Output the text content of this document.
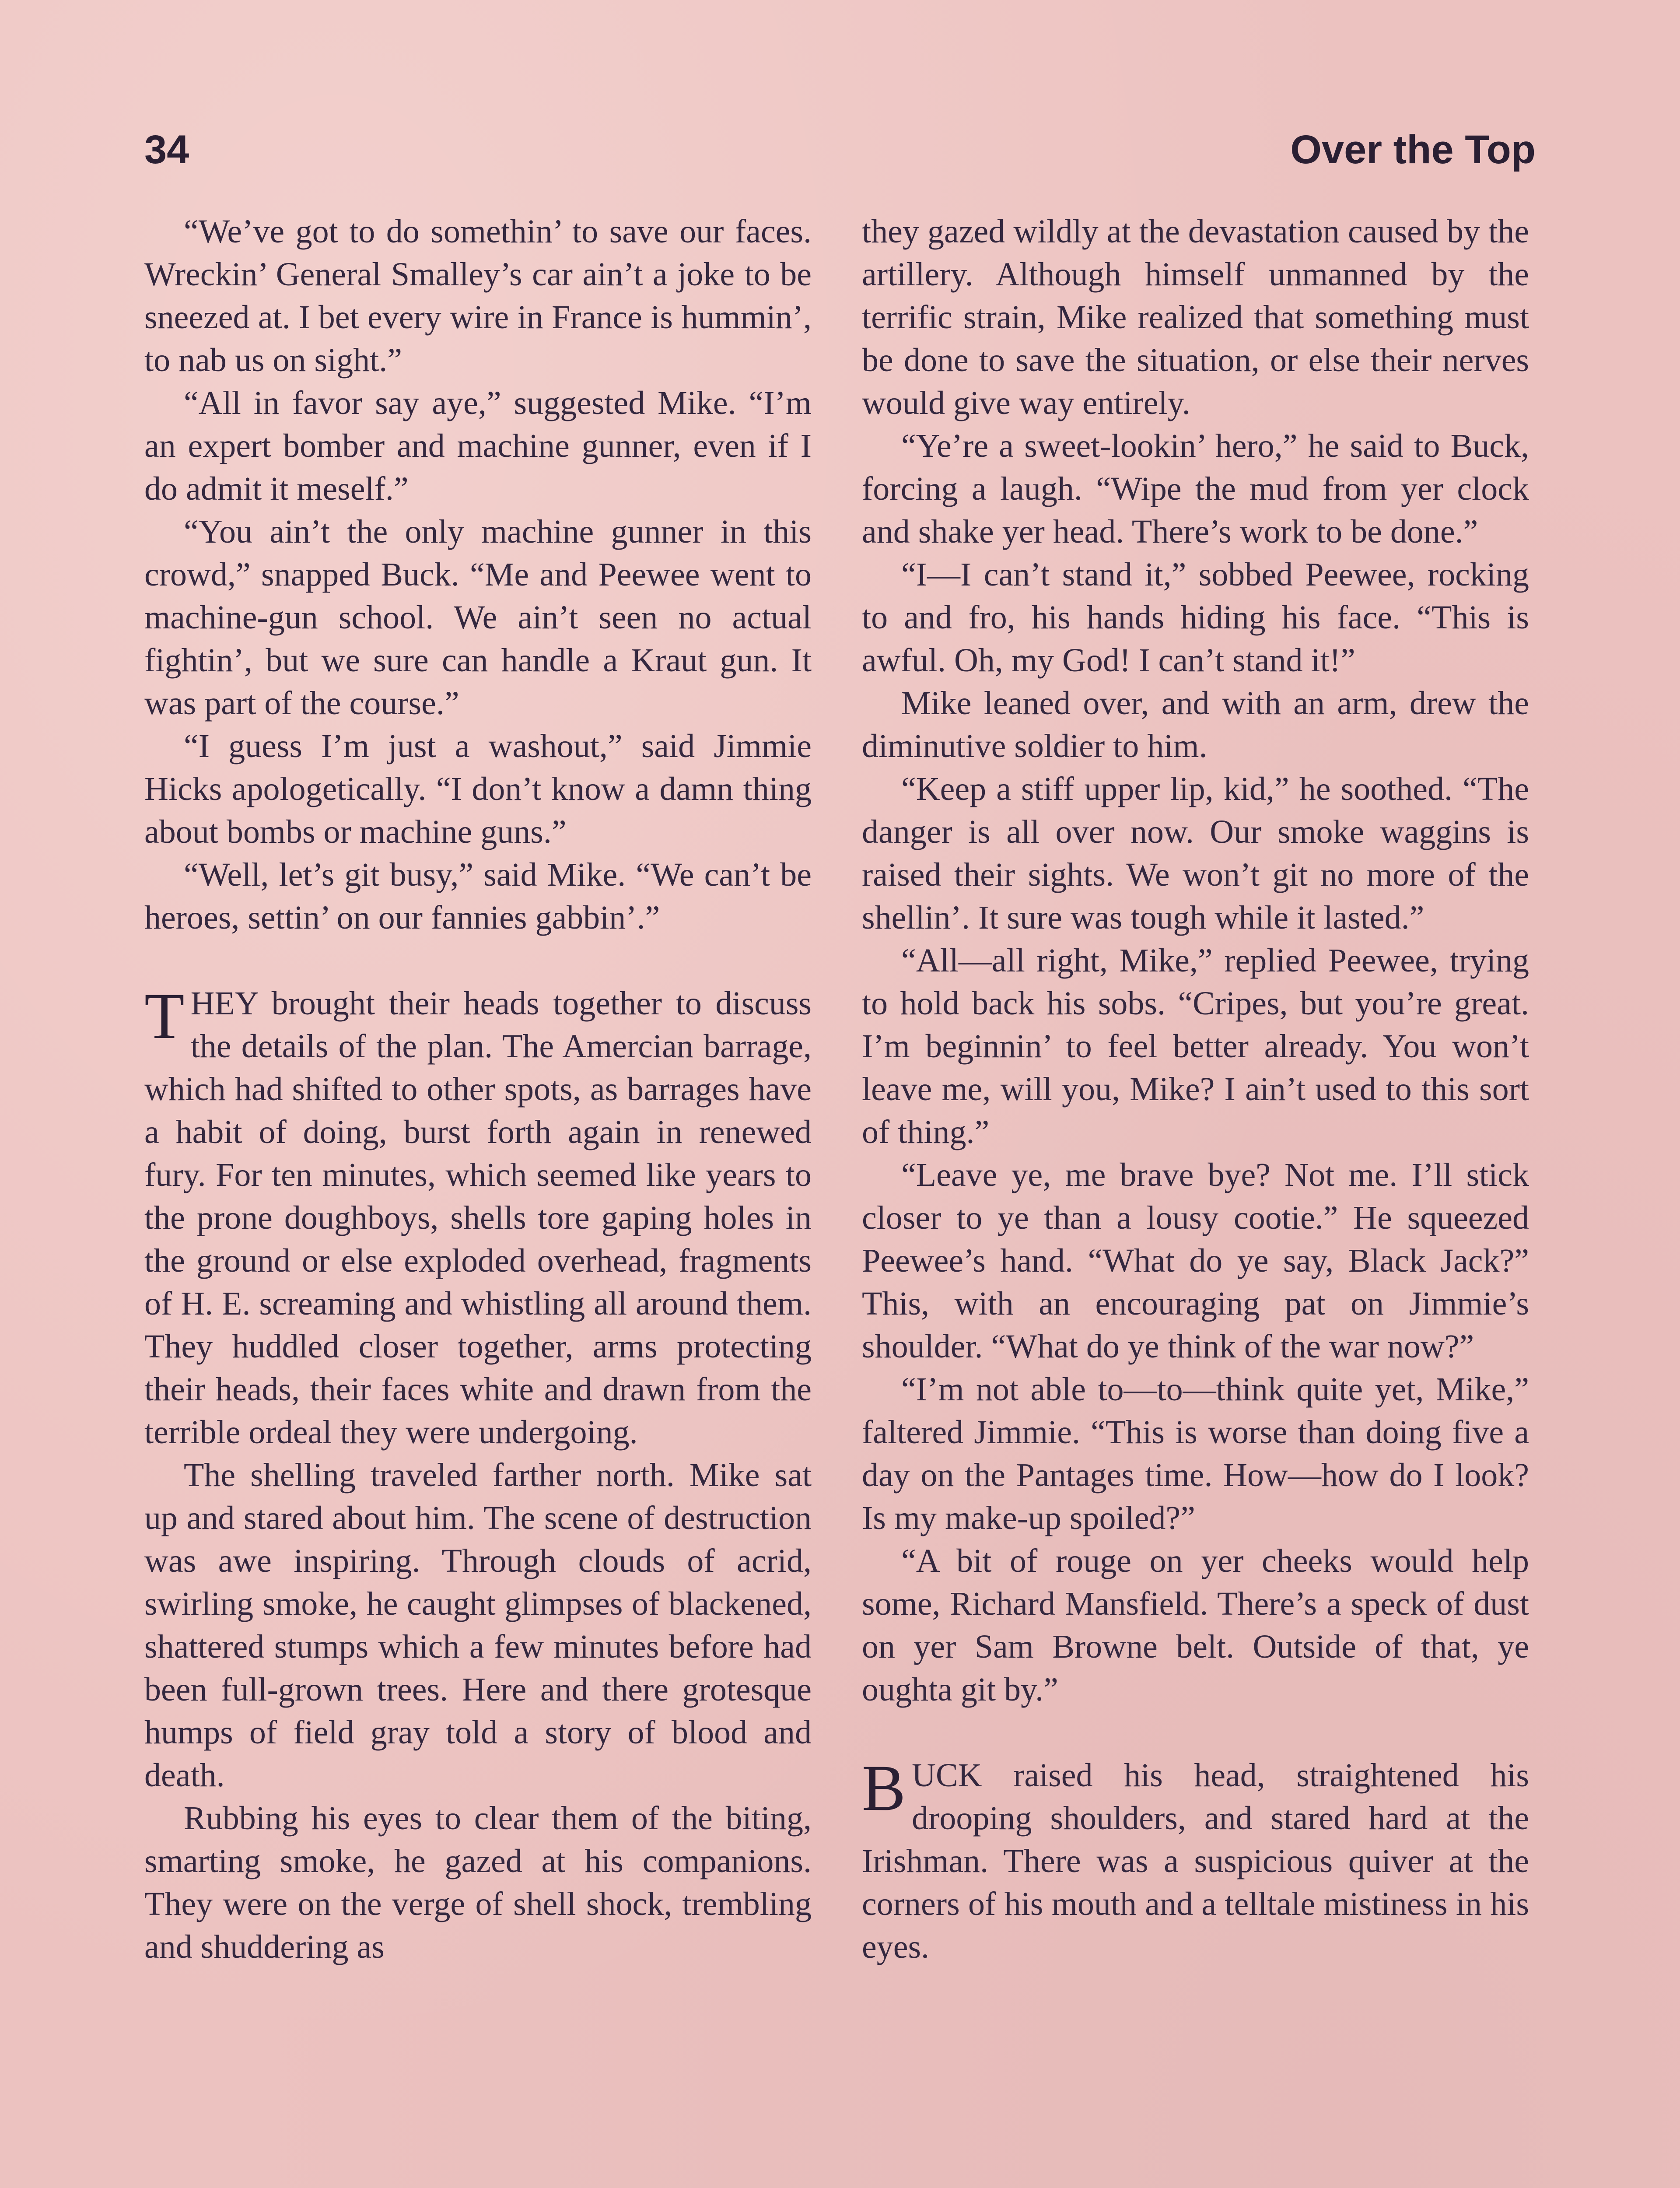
34	Over the Top

“We’ve got to do somethin’ to save our faces. Wreckin’ General Smalley’s car ain’t a joke to be sneezed at. I bet every wire in France is hummin’, to nab us on sight.”

“All in favor say aye,” suggested Mike. “I’m an expert bomber and machine gunner, even if I do admit it meself.”

“You ain’t the only machine gunner in this crowd,” snapped Buck. “Me and Peewee went to machine-gun school. We ain’t seen no actual fightin’, but we sure can handle a Kraut gun. It was part of the course.”

“I guess I’m just a washout,” said Jimmie Hicks apologetically. “I don’t know a damn thing about bombs or machine guns.”

“Well, let’s git busy,” said Mike. “We can’t be heroes, settin’ on our fannies gabbin’.”

THEY brought their heads together to discuss the details of the plan. The Amercian barrage, which had shifted to other spots, as barrages have a habit of doing, burst forth again in renewed fury. For ten minutes, which seemed like years to the prone doughboys, shells tore gaping holes in the ground or else exploded overhead, fragments of H. E. screaming and whistling all around them. They huddled closer together, arms protecting their heads, their faces white and drawn from the terrible ordeal they were undergoing.

The shelling traveled farther north. Mike sat up and stared about him. The scene of destruction was awe inspiring. Through clouds of acrid, swirling smoke, he caught glimpses of blackened, shattered stumps which a few minutes before had been full-grown trees. Here and there grotesque humps of field gray told a story of blood and death.

Rubbing his eyes to clear them of the biting, smarting smoke, he gazed at his companions. They were on the verge of shell shock, trembling and shuddering as

they gazed wildly at the devastation caused by the artillery. Although himself unmanned by the terrific strain, Mike realized that something must be done to save the situation, or else their nerves would give way entirely.

“Ye’re a sweet-lookin’ hero,” he said to Buck, forcing a laugh. “Wipe the mud from yer clock and shake yer head. There’s work to be done.”

“I—I can’t stand it,” sobbed Peewee, rocking to and fro, his hands hiding his face. “This is awful. Oh, my God! I can’t stand it!”

Mike leaned over, and with an arm, drew the diminutive soldier to him.

“Keep a stiff upper lip, kid,” he soothed. “The danger is all over now. Our smoke waggins is raised their sights. We won’t git no more of the shellin’. It sure was tough while it lasted.”

“All—all right, Mike,” replied Peewee, trying to hold back his sobs. “Cripes, but you’re great. I’m beginnin’ to feel better already. You won’t leave me, will you, Mike? I ain’t used to this sort of thing.”

“Leave ye, me brave bye? Not me. I’ll stick closer to ye than a lousy cootie.” He squeezed Peewee’s hand. “What do ye say, Black Jack?” This, with an encouraging pat on Jimmie’s shoulder. “What do ye think of the war now?”

“I’m not able to—to—think quite yet, Mike,” faltered Jimmie. “This is worse than doing five a day on the Pantages time. How—how do I look? Is my make-up spoiled?”

“A bit of rouge on yer cheeks would help some, Richard Mansfield. There’s a speck of dust on yer Sam Browne belt. Outside of that, ye oughta git by.”

BUCK raised his head, straightened his drooping shoulders, and stared hard at the Irishman. There was a suspicious quiver at the corners of his mouth and a telltale mistiness in his eyes.
